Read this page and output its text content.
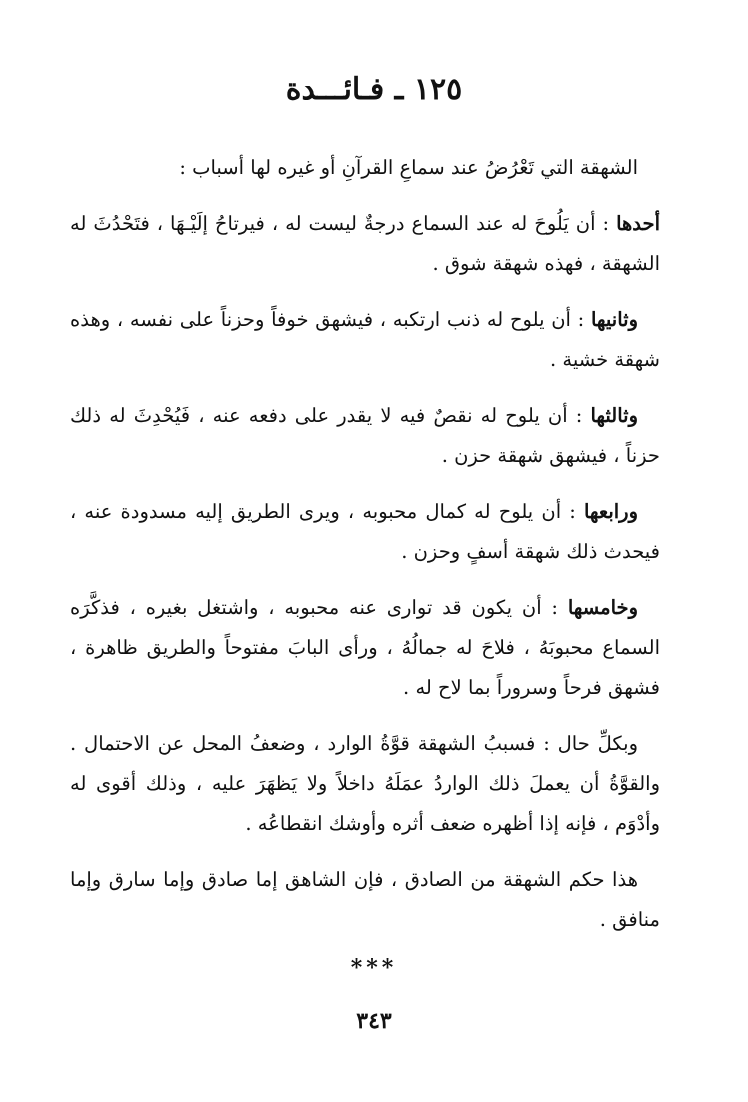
١٢٥ ـ فـائـــدة

الشهقة التي تَعْرُضُ عند سماعِ القرآنِ أو غيره لها أسباب :

أحدها : أن يَلُوحَ له عند السماع درجةٌ ليست له ، فيرتاحُ إلَيْـهَا ، فتَحْدُثَ له الشهقة ، فهذه شهقة شوق .

وثانيها : أن يلوح له ذنب ارتكبه ، فيشهق خوفاً وحزناً على نفسه ، وهذه شهقة خشية .

وثالثها : أن يلوح له نقصٌ فيه لا يقدر على دفعه عنه ، فَيُحْدِثَ له ذلك حزناً ، فيشهق شهقة حزن .

ورابعها : أن يلوح له كمال محبوبه ، ويرى الطريق إليه مسدودة عنه ، فيحدث ذلك شهقة أسفٍ وحزن .

وخامسها : أن يكون قد توارى عنه محبوبه ، واشتغل بغيره ، فذكَّرَه السماع محبوبَهُ ، فلاحَ له جمالُهُ ، ورأى البابَ مفتوحاً والطريق ظاهرة ، فشهق فرحاً وسروراً بما لاح له .

وبكلِّ حال : فسببُ الشهقة قوَّةُ الوارد ، وضعفُ المحل عن الاحتمال . والقوَّةُ أن يعملَ ذلك الواردُ عمَلَهُ داخلاً ولا يَظهَرَ عليه ، وذلك أقوى له وأدْوَم ، فإنه إذا أظهره ضعف أثره وأوشك انقطاعُه .

هذا حكم الشهقة من الصادق ، فإن الشاهق إما صادق وإما سارق وإما منافق .

***
٣٤٣
